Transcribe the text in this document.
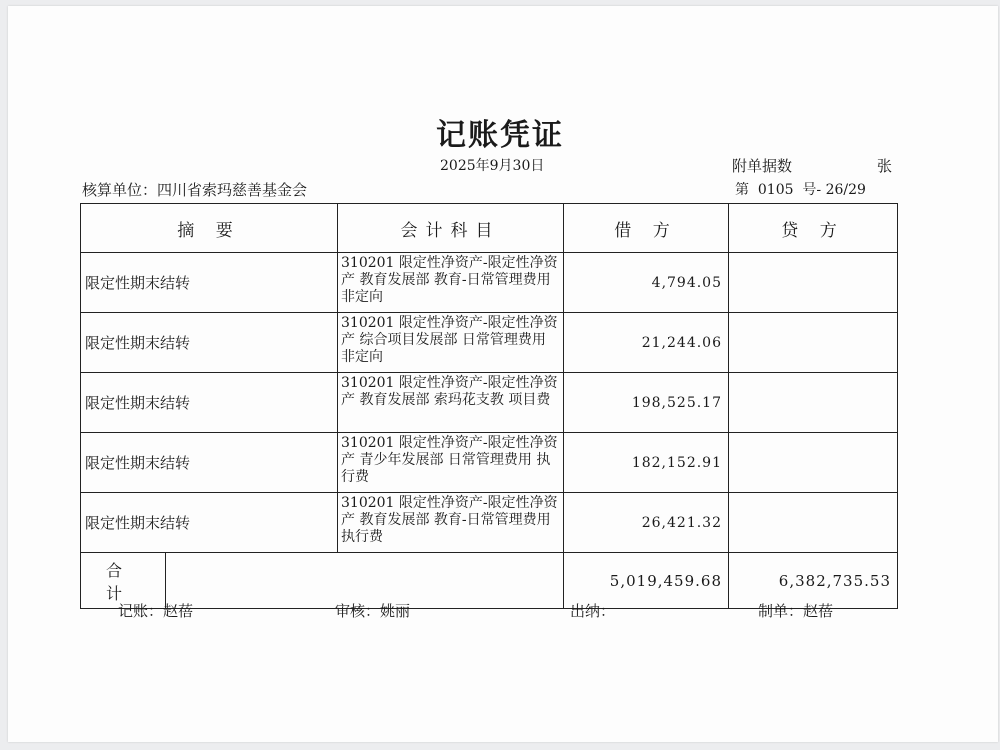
记账凭证
2025年9月30日	附单据数	张
核算单位：四川省索玛慈善基金会	第  0105  号- 26/29
摘 要	会计科目	借 方	贷 方
限定性期末结转	310201 限定性净资产-限定性净资产 教育发展部 教育-日常管理费用 非定向	4,794.05	
限定性期末结转	310201 限定性净资产-限定性净资产 综合项目发展部 日常管理费用 非定向	21,244.06	
限定性期末结转	310201 限定性净资产-限定性净资产 教育发展部 索玛花支教 项目费	198,525.17	
限定性期末结转	310201 限定性净资产-限定性净资产 青少年发展部 日常管理费用 执行费	182,152.91	
限定性期末结转	310201 限定性净资产-限定性净资产 教育发展部 教育-日常管理费用 执行费	26,421.32	

合 计		5,019,459.68	6,382,735.53
记账：赵蓓	审核：姚丽	出纳：	制单：赵蓓
